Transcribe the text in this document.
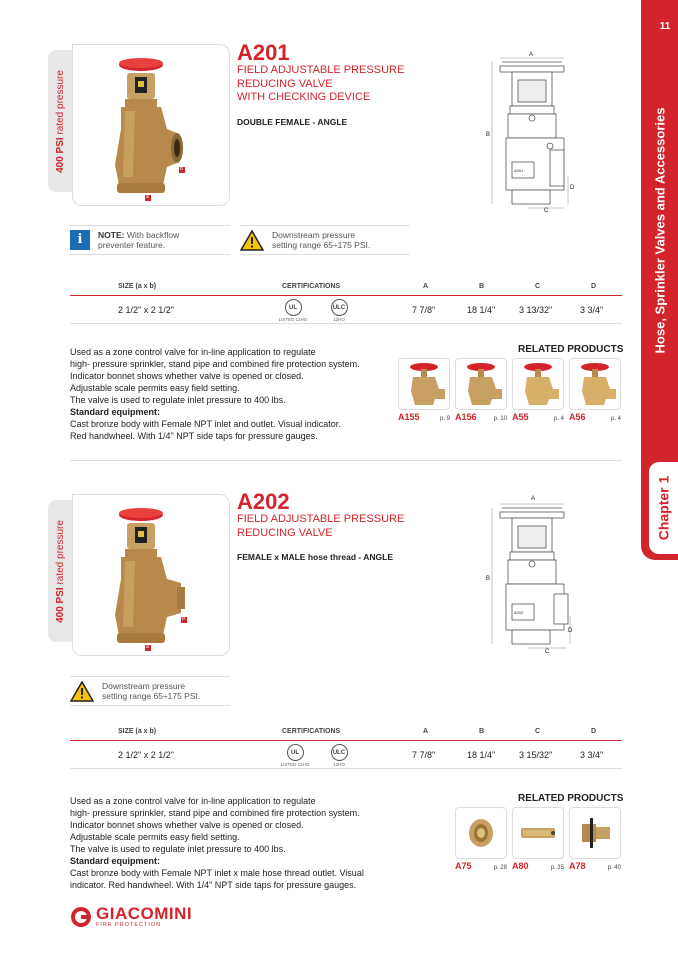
Hose, Sprinkler Valves and Accessories
Chapter 1
11
400 PSI rated pressure
b
a
A201
FIELD ADJUSTABLE PRESSURE
REDUCING VALVE
WITH CHECKING DEVICE
DOUBLE FEMALE - ANGLE
A
B
D
C
A201
i	NOTE: With backflow
preventer feature.
Downstream pressure
setting range 65÷175 PSI.
SIZE (a x b)	CERTIFICATIONS	A	B	C	D
2 1/2" x 2 1/2"	UL
LISTED 12HO
ULC
12HO
7 7/8"	18 1/4"	3 13/32"	3 3/4"
Used as a zone control valve for in-line application to regulate
high- pressure sprinkler, stand pipe and combined fire protection system.
Indicator bonnet shows whether valve is opened or closed.
Adjustable scale permits easy field setting.
The valve is used to regulate inlet pressure to 400 lbs.
Standard equipment:
Cast bronze body with Female NPT inlet and outlet. Visual indicator.
Red handwheel. With 1/4" NPT side taps for pressure gauges.
RELATED PRODUCTS
A155	p. 9 A156	p. 10 A55	p. 4 A56	p. 4
400 PSI rated pressure
b
a
A202
FIELD ADJUSTABLE PRESSURE
REDUCING VALVE
FEMALE x MALE hose thread - ANGLE
A
B
D
C
A202
Downstream pressure
setting range 65÷175 PSI.
SIZE (a x b)	CERTIFICATIONS	A	B	C	D
2 1/2" x 2 1/2"	UL
LISTED 12HO
ULC
12HO
7 7/8"	18 1/4"	3 15/32"	3 3/4"
Used as a zone control valve for in-line application to regulate
high- pressure sprinkler, stand pipe and combined fire protection system.
Indicator bonnet shows whether valve is opened or closed.
Adjustable scale permits easy field setting.
The valve is used to regulate inlet pressure to 400 lbs.
Standard equipment:
Cast bronze body with Female NPT inlet x male hose thread outlet. Visual
indicator. Red handwheel. With 1/4" NPT side taps for pressure gauges.
RELATED PRODUCTS
A75	p. 28 A80	p. 35 A78	p. 40
GIACOMINI
FIRE PROTECTION
